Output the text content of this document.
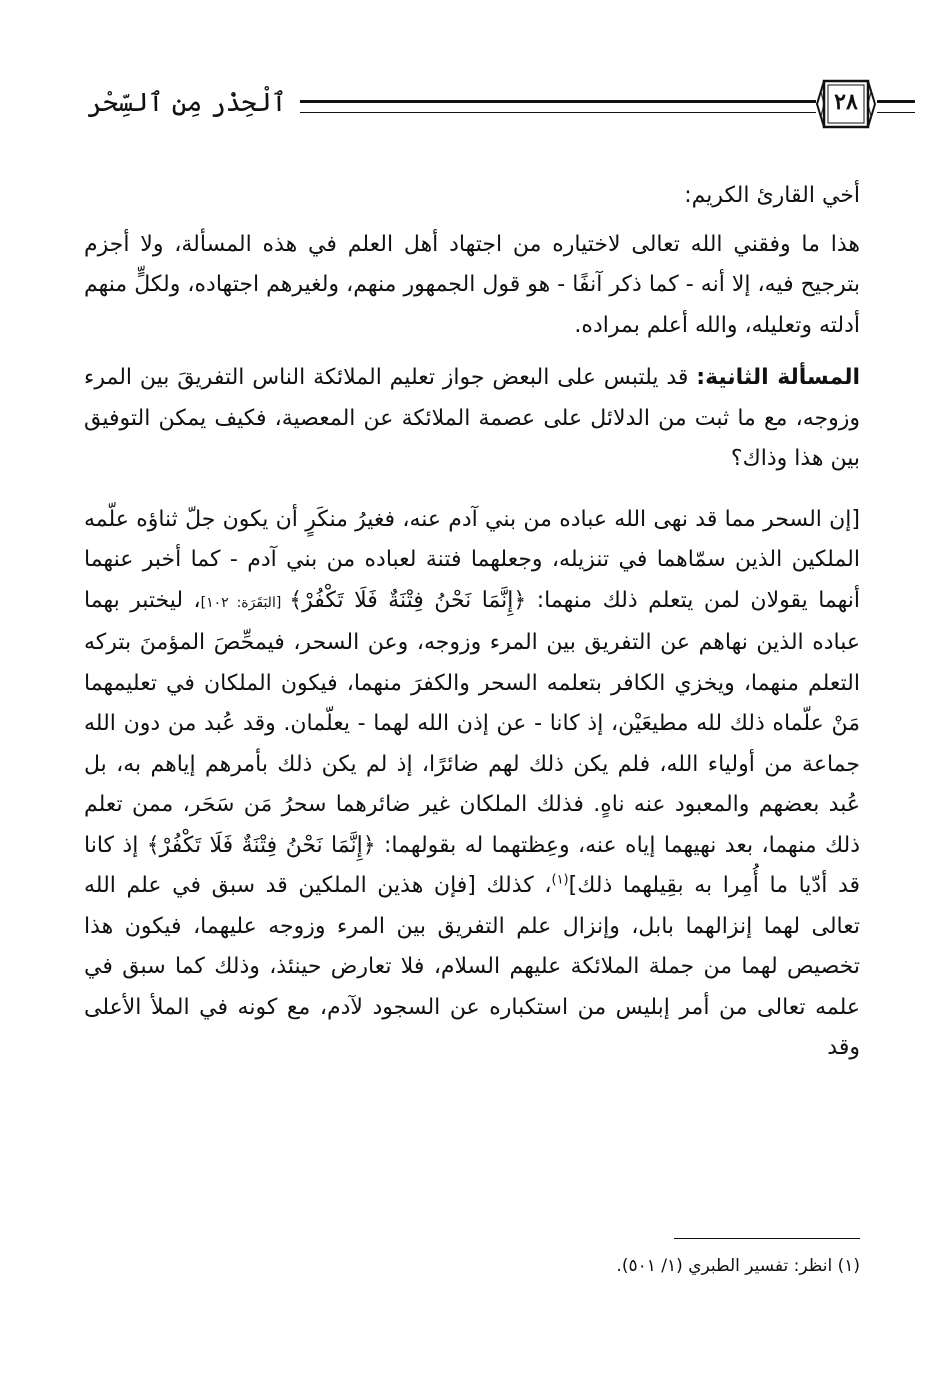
٢٨
ٱلْحِذْر مِن ٱلسِّحْر

أخي القارئ الكريم:

هذا ما وفقني الله تعالى لاختياره من اجتهاد أهل العلم في هذه المسألة، ولا أجزم بترجيح فيه، إلا أنه - كما ذكر آنفًا - هو قول الجمهور منهم، ولغيرهم اجتهاده، ولكلٍّ منهم أدلته وتعليله، والله أعلم بمراده.

المسألة الثانية: قد يلتبس على البعض جواز تعليم الملائكة الناس التفريقَ بين المرء وزوجه، مع ما ثبت من الدلائل على عصمة الملائكة عن المعصية، فكيف يمكن التوفيق بين هذا وذاك؟

[إن السحر مما قد نهى الله عباده من بني آدم عنه، فغيرُ منكَرٍ أن يكون جلّ ثناؤه علّمه الملكين الذين سمّاهما في تنزيله، وجعلهما فتنة لعباده من بني آدم - كما أخبر عنهما أنهما يقولان لمن يتعلم ذلك منهما: ﴿إِنَّمَا نَحْنُ فِتْنَةٌ فَلَا تَكْفُرْ﴾ [البَقَرَة: ١٠٢]، ليختبر بهما عباده الذين نهاهم عن التفريق بين المرء وزوجه، وعن السحر، فيمحِّصَ المؤمنَ بتركه التعلم منهما، ويخزي الكافر بتعلمه السحر والكفرَ منهما، فيكون الملكان في تعليمهما مَنْ علّماه ذلك لله مطيعَيْن، إذ كانا - عن إذن الله لهما - يعلّمان. وقد عُبد من دون الله جماعة من أولياء الله، فلم يكن ذلك لهم ضائرًا، إذ لم يكن ذلك بأمرهم إياهم به، بل عُبد بعضهم والمعبود عنه ناهٍ. فذلك الملكان غير ضائرهما سحرُ مَن سَحَر، ممن تعلم ذلك منهما، بعد نهيهما إياه عنه، وعِظتهما له بقولهما: ﴿إِنَّمَا نَحْنُ فِتْنَةٌ فَلَا تَكْفُرْ﴾ إذ كانا قد أدّيا ما أُمِرا به بقِيلهما ذلك]$^{(١)}$، كذلك [فإن هذين الملكين قد سبق في علم الله تعالى لهما إنزالهما بابل، وإنزال علم التفريق بين المرء وزوجه عليهما، فيكون هذا تخصيص لهما من جملة الملائكة عليهم السلام، فلا تعارض حينئذ، وذلك كما سبق في علمه تعالى من أمر إبليس من استكباره عن السجود لآدم، مع كونه في الملأ الأعلى وقد

(١) انظر: تفسير الطبري (١/ ٥٠١).
